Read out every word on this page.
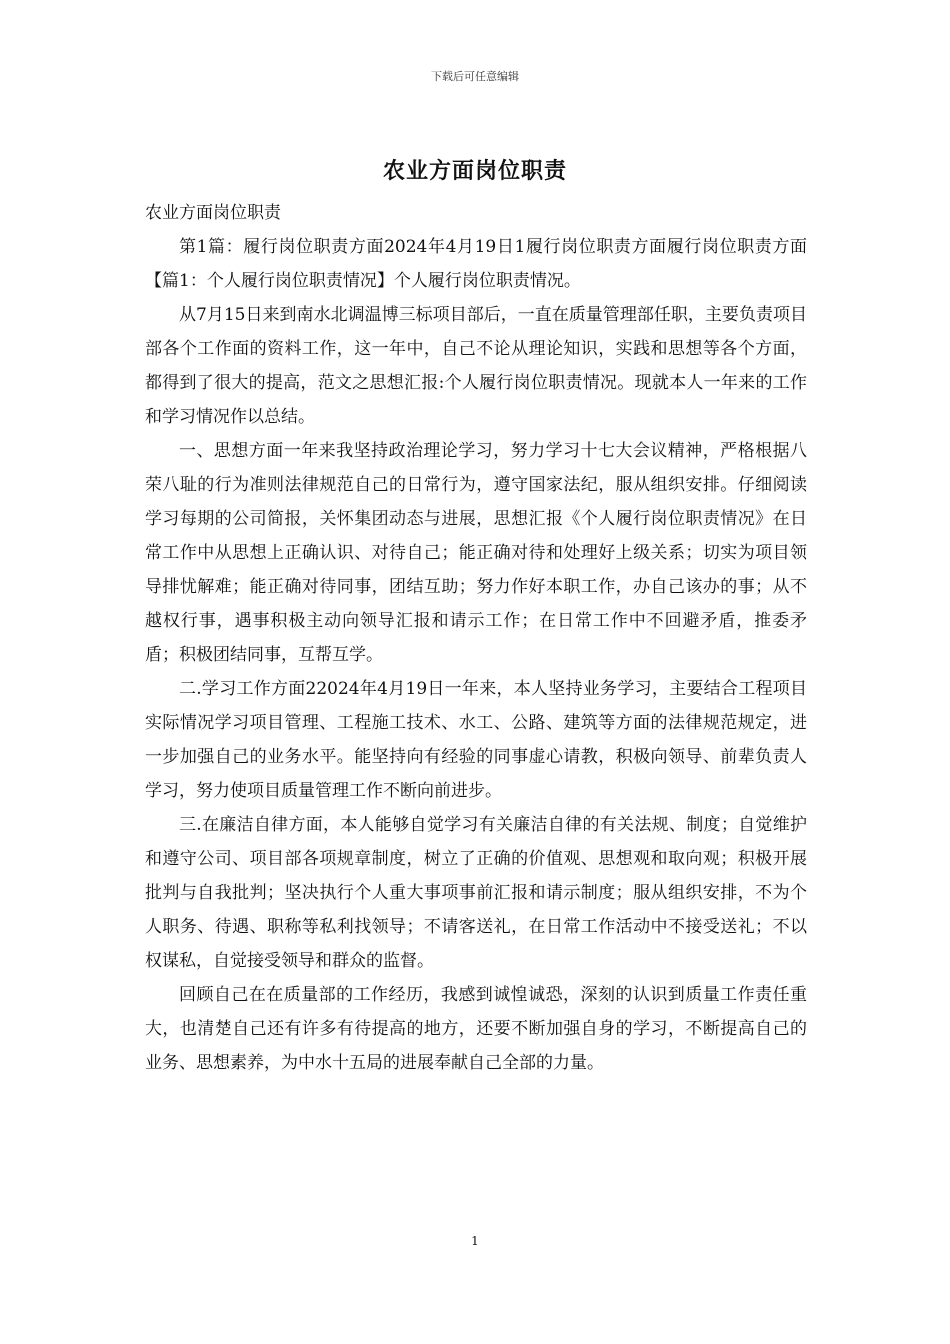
下载后可任意编辑
农业方面岗位职责

农业方面岗位职责

第1篇：履行岗位职责方面2024年4月19日1履行岗位职责方面履行岗位职责方面【篇1：个人履行岗位职责情况】个人履行岗位职责情况。

从7月15日来到南水北调温博三标项目部后，一直在质量管理部任职，主要负责项目部各个工作面的资料工作，这一年中，自己不论从理论知识，实践和思想等各个方面，都得到了很大的提高，范文之思想汇报:个人履行岗位职责情况。现就本人一年来的工作和学习情况作以总结。

一、思想方面一年来我坚持政治理论学习，努力学习十七大会议精神，严格根据八荣八耻的行为准则法律规范自己的日常行为，遵守国家法纪，服从组织安排。仔细阅读学习每期的公司简报，关怀集团动态与进展，思想汇报《个人履行岗位职责情况》在日常工作中从思想上正确认识、对待自己；能正确对待和处理好上级关系；切实为项目领导排忧解难；能正确对待同事，团结互助；努力作好本职工作，办自己该办的事；从不越权行事，遇事积极主动向领导汇报和请示工作；在日常工作中不回避矛盾，推委矛盾；积极团结同事，互帮互学。

二.学习工作方面22024年4月19日一年来，本人坚持业务学习，主要结合工程项目实际情况学习项目管理、工程施工技术、水工、公路、建筑等方面的法律规范规定，进一步加强自己的业务水平。能坚持向有经验的同事虚心请教，积极向领导、前辈负责人学习，努力使项目质量管理工作不断向前进步。

三.在廉洁自律方面，本人能够自觉学习有关廉洁自律的有关法规、制度；自觉维护和遵守公司、项目部各项规章制度，树立了正确的价值观、思想观和取向观；积极开展批判与自我批判；坚决执行个人重大事项事前汇报和请示制度；服从组织安排，不为个人职务、待遇、职称等私利找领导；不请客送礼，在日常工作活动中不接受送礼；不以权谋私，自觉接受领导和群众的监督。

回顾自己在在质量部的工作经历，我感到诚惶诚恐，深刻的认识到质量工作责任重大，也清楚自己还有许多有待提高的地方，还要不断加强自身的学习，不断提高自己的业务、思想素养，为中水十五局的进展奉献自己全部的力量。

1
